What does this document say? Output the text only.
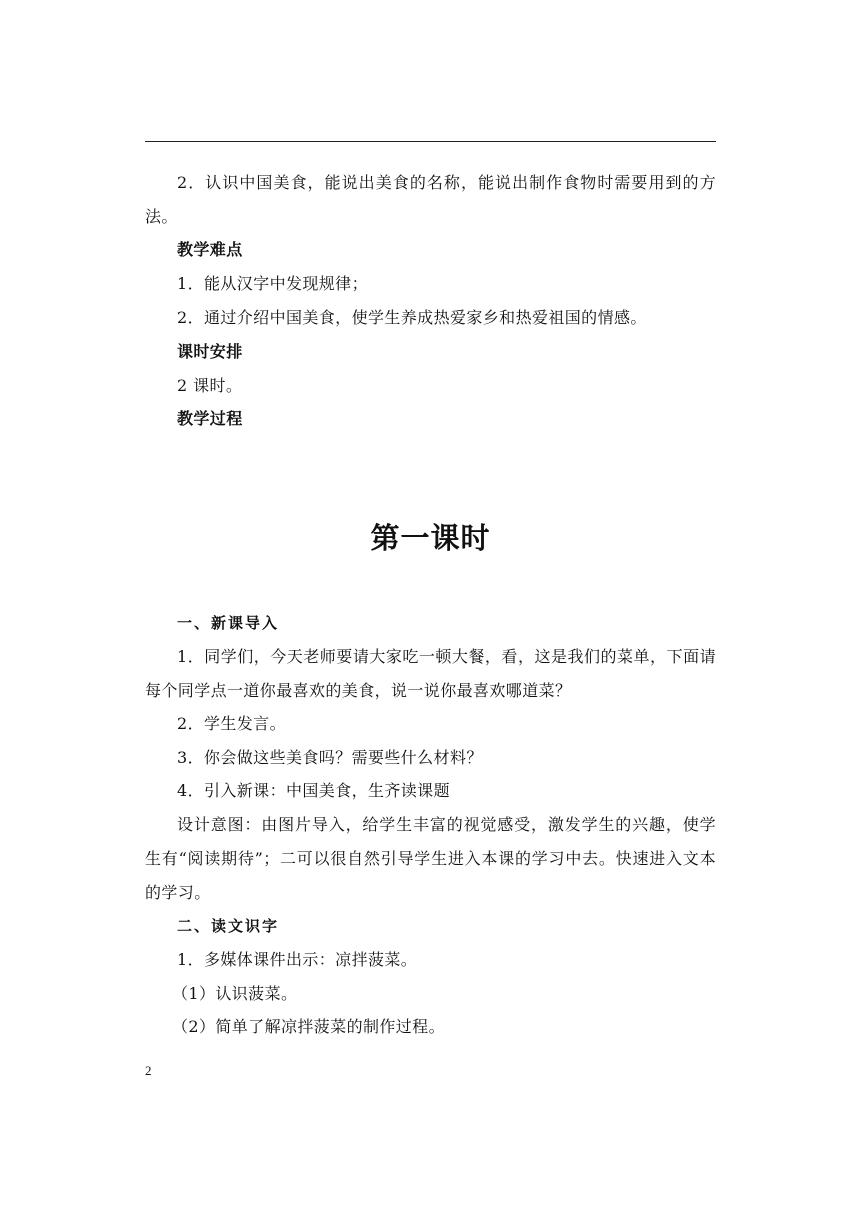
2．认识中国美食，能说出美食的名称，能说出制作食物时需要用到的方法。
教学难点
1．能从汉字中发现规律；
2．通过介绍中国美食，使学生养成热爱家乡和热爱祖国的情感。
课时安排
2 课时。
教学过程
第一课时
一、新课导入
1．同学们，今天老师要请大家吃一顿大餐，看，这是我们的菜单，下面请每个同学点一道你最喜欢的美食，说一说你最喜欢哪道菜？
2．学生发言。
3．你会做这些美食吗？需要些什么材料？
4．引入新课：中国美食，生齐读课题
设计意图：由图片导入，给学生丰富的视觉感受，激发学生的兴趣，使学生有“阅读期待”；二可以很自然引导学生进入本课的学习中去。快速进入文本的学习。
二、读文识字
1．多媒体课件出示：凉拌菠菜。
（1）认识菠菜。
（2）简单了解凉拌菠菜的制作过程。
2
